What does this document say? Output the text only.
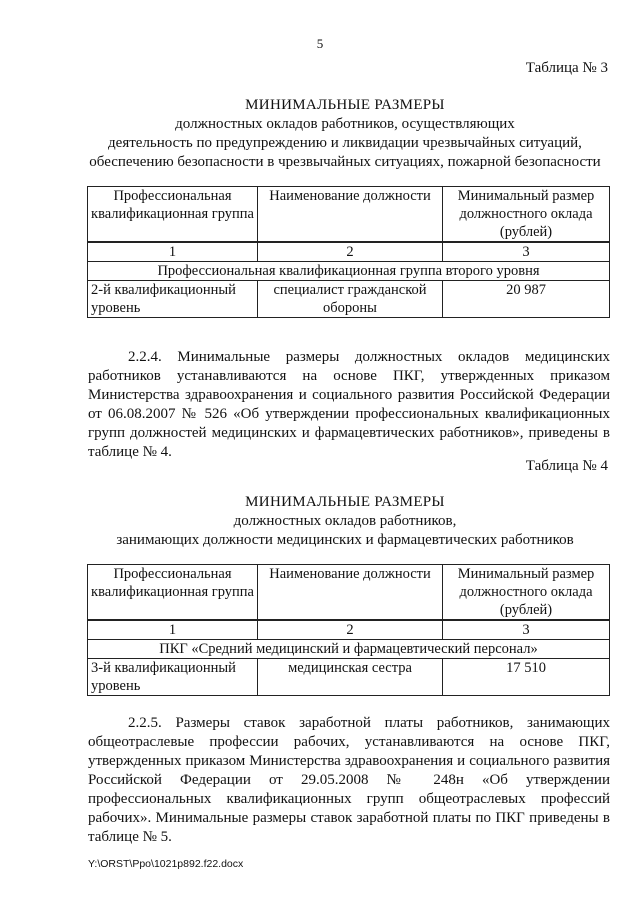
5
Таблица № 3
МИНИМАЛЬНЫЕ РАЗМЕРЫ
должностных окладов работников, осуществляющих
деятельность по предупреждению и ликвидации чрезвычайных ситуаций,
обеспечению безопасности в чрезвычайных ситуациях, пожарной безопасности
Профессиональная квалификационная группа	Наименование должности	Минимальный размер должностного оклада (рублей)
1	2	3
Профессиональная квалификационная группа второго уровня		
2-й квалификационный уровень	специалист гражданской обороны	20 987

2.2.4. Минимальные размеры должностных окладов медицинских работников устанавливаются на основе ПКГ, утвержденных приказом Министерства здравоохранения и социального развития Российской Федерации от 06.08.2007 № 526 «Об утверждении профессиональных квалификационных групп должностей медицинских и фармацевтических работников», приведены в таблице № 4.

Таблица № 4
МИНИМАЛЬНЫЕ РАЗМЕРЫ
должностных окладов работников,
занимающих должности медицинских и фармацевтических работников
Профессиональная квалификационная группа	Наименование должности	Минимальный размер должностного оклада (рублей)
1	2	3
ПКГ «Средний медицинский и фармацевтический персонал»		
3-й квалификационный уровень	медицинская сестра	17 510

2.2.5. Размеры ставок заработной платы работников, занимающих общеотраслевые профессии рабочих, устанавливаются на основе ПКГ, утвержденных приказом Министерства здравоохранения и социального развития Российской Федерации от 29.05.2008 № 248н «Об утверждении профессиональных квалификационных групп общеотраслевых профессий рабочих». Минимальные размеры ставок заработной платы по ПКГ приведены в таблице № 5.

Y:\ORST\Ppo\1021p892.f22.docx
